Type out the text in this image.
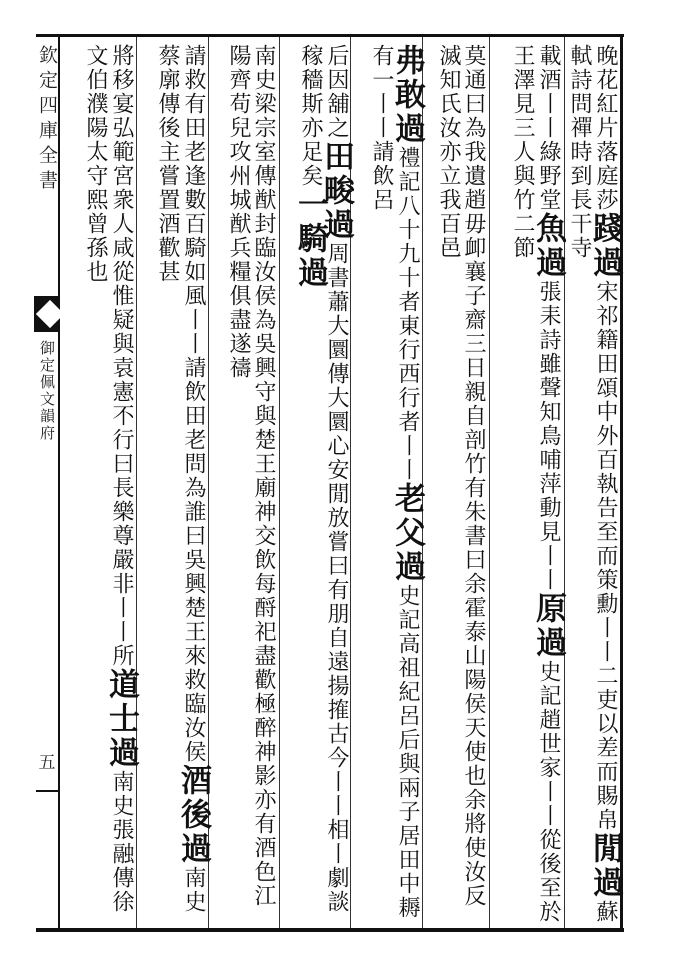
欽定四庫全書
御定佩文韻府
五
晚花紅片落庭莎踐過宋祁籍田頌中外百執告至而策勳丨丨二吏以差而賜帛閒過蘇軾詩問禪時到長干寺
載酒丨丨綠野堂魚過張耒詩雖聲知鳥哺萍動見丨丨原過史記趙世家丨丨從後至於王澤見三人與竹二節
莫通曰為我遺趙毋卹襄子齋三日親自剖竹有朱書曰余霍泰山陽侯天使也余將使汝反滅知氏汝亦立我百邑
弗敢過禮記八十九十者東行西行者丨丨老父過史記高祖紀呂后與兩子居田中耨有一丨丨請飲呂
后因舖之田畯過周書蕭大圜傳大圜心安閒放嘗曰有朋自遠揚搉古今丨丨相丨劇談稼穡斯亦足矣一騎過
南史梁宗室傳猷封臨汝侯為吳興守與楚王廟神交飲每酹祀盡歡極醉神影亦有酒色江陽齊苟兒攻州城猷兵糧俱盡遂禱
請救有田老逢數百騎如風丨丨請飲田老問為誰曰吳興楚王來救臨汝侯酒後過南史蔡廓傳後主嘗置酒歡甚
將移宴弘範宮衆人咸從惟疑與袁憲不行曰長樂尊嚴非丨丨所道士過南史張融傳徐文伯濮陽太守熙曾孫也
